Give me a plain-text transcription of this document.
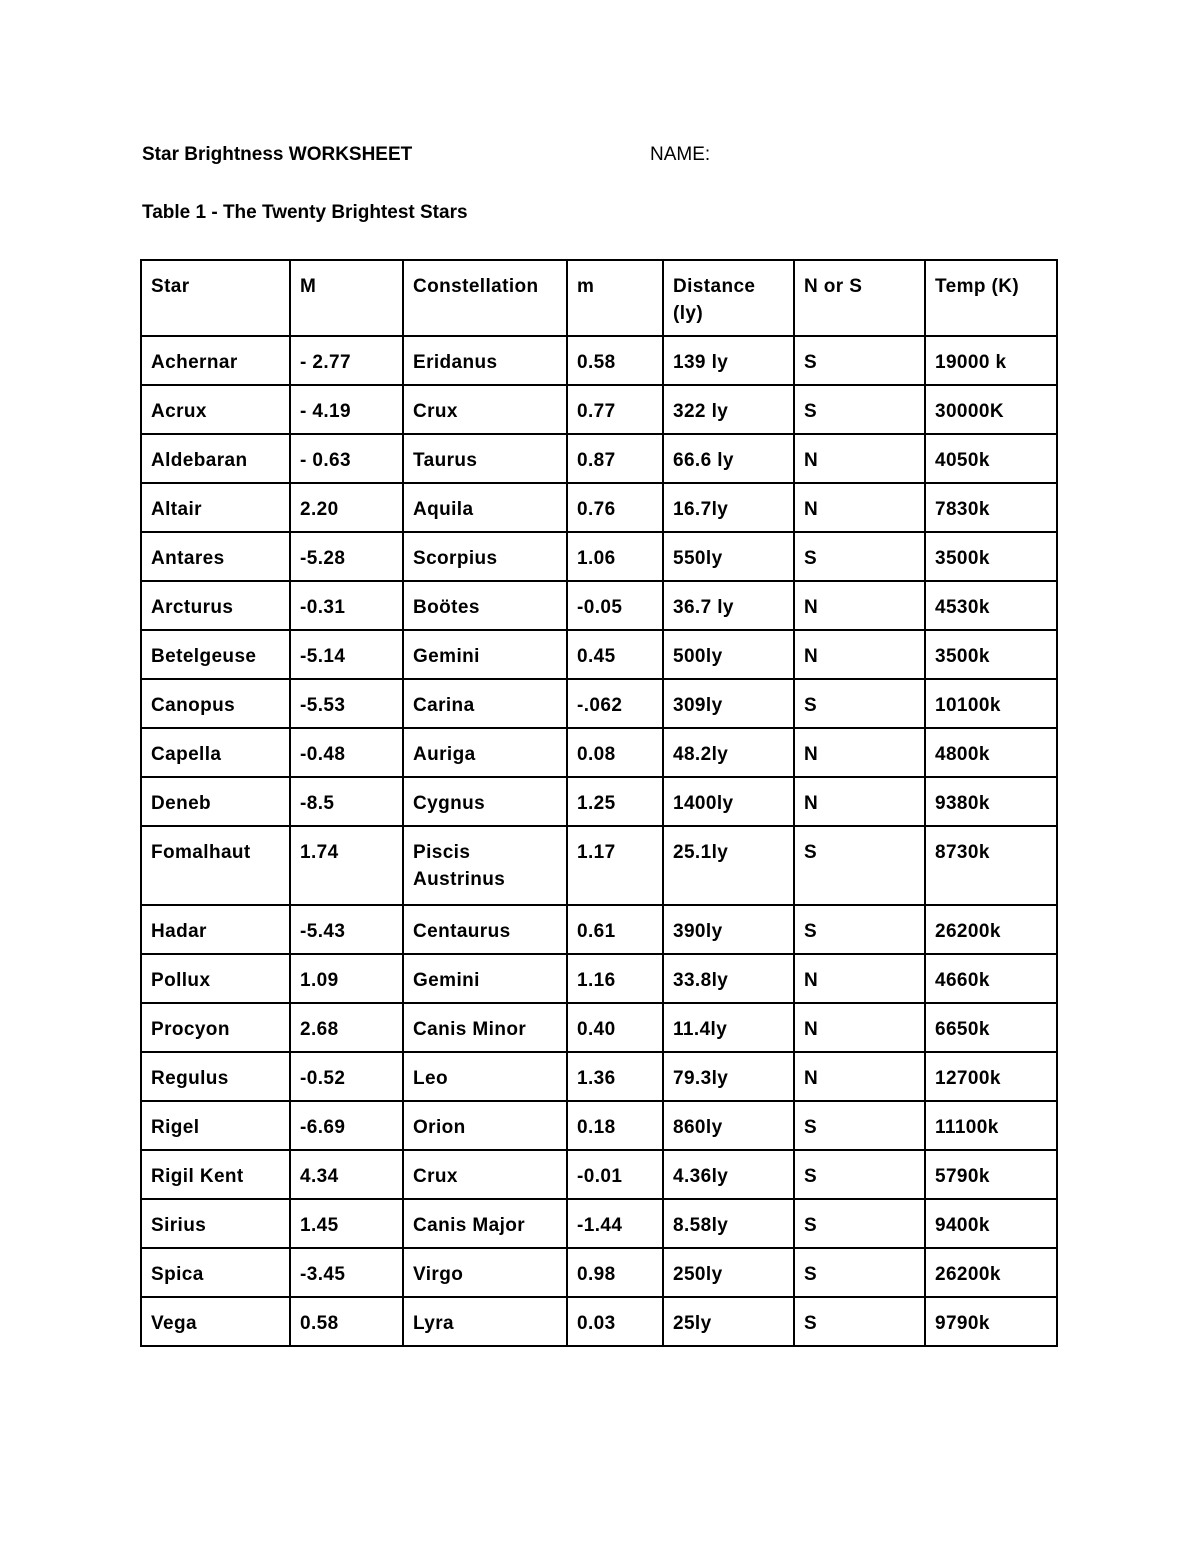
Star Brightness WORKSHEET	NAME:
Table 1 - The Twenty Brightest Stars
Star	M	Constellation	m	Distance (ly)	N or S	Temp (K)
Achernar	- 2.77	Eridanus	0.58	139 ly	S	19000 k
Acrux	- 4.19	Crux	0.77	322 ly	S	30000K
Aldebaran	- 0.63	Taurus	0.87	66.6 ly	N	4050k
Altair	2.20	Aquila	0.76	16.7ly	N	7830k
Antares	-5.28	Scorpius	1.06	550ly	S	3500k
Arcturus	-0.31	Boötes	-0.05	36.7 ly	N	4530k
Betelgeuse	-5.14	Gemini	0.45	500ly	N	3500k
Canopus	-5.53	Carina	-.062	309ly	S	10100k
Capella	-0.48	Auriga	0.08	48.2ly	N	4800k
Deneb	-8.5	Cygnus	1.25	1400ly	N	9380k
Fomalhaut	1.74	Piscis Austrinus	1.17	25.1ly	S	8730k
Hadar	-5.43	Centaurus	0.61	390ly	S	26200k
Pollux	1.09	Gemini	1.16	33.8ly	N	4660k
Procyon	2.68	Canis Minor	0.40	11.4ly	N	6650k
Regulus	-0.52	Leo	1.36	79.3ly	N	12700k
Rigel	-6.69	Orion	0.18	860ly	S	11100k
Rigil Kent	4.34	Crux	-0.01	4.36ly	S	5790k
Sirius	1.45	Canis Major	-1.44	8.58ly	S	9400k
Spica	-3.45	Virgo	0.98	250ly	S	26200k
Vega	0.58	Lyra	0.03	25ly	S	9790k
